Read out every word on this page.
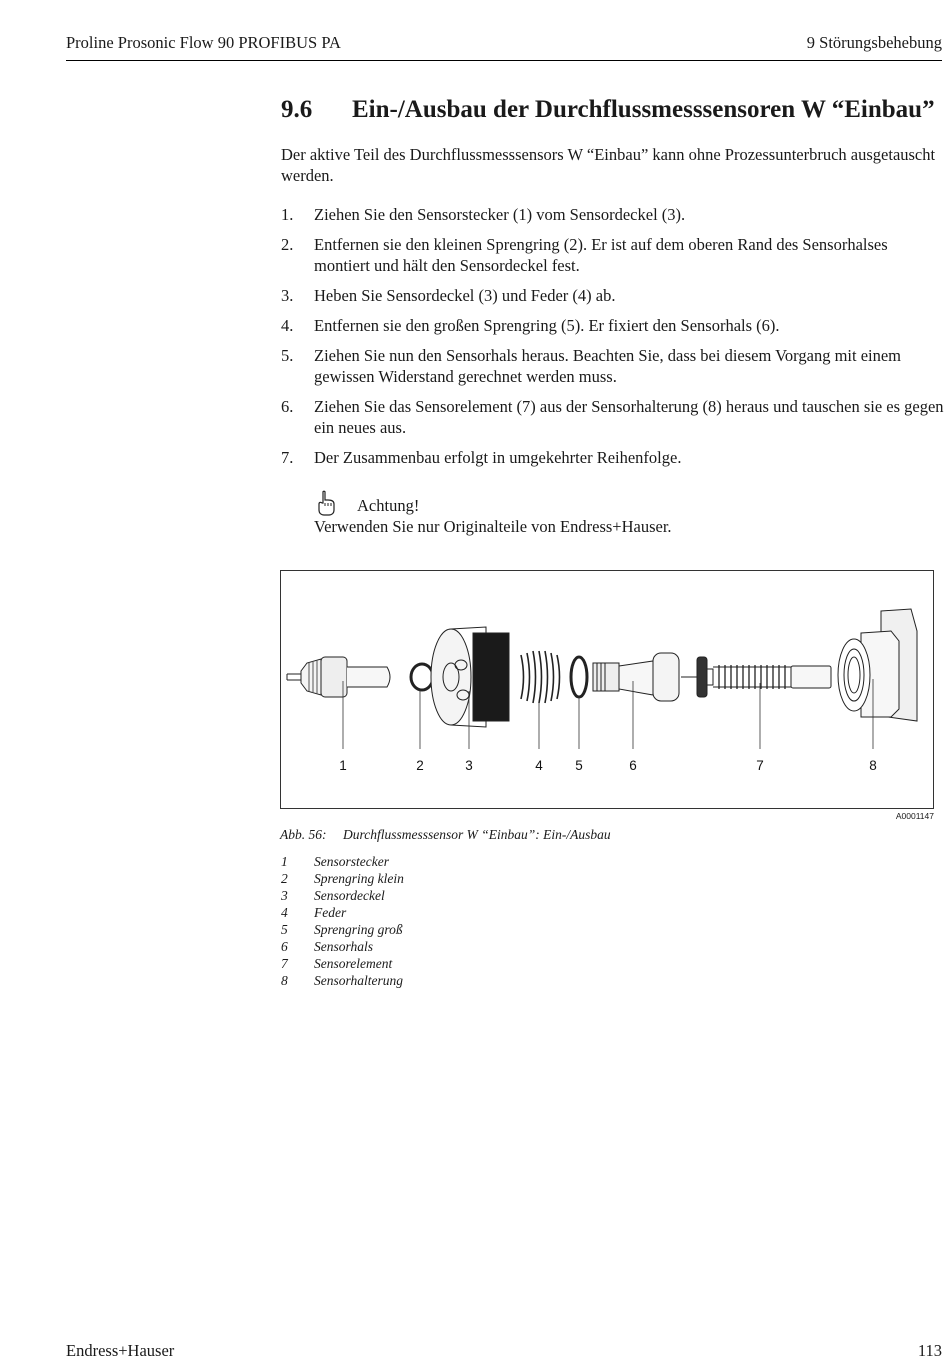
Proline Prosonic Flow 90 PROFIBUS PA	9 Störungsbehebung
9.6 Ein-/Ausbau der Durchflussmesssensoren W “Einbau”
Der aktive Teil des Durchflussmesssensors W “Einbau” kann ohne Prozessunterbruch ausgetauscht werden.
1. Ziehen Sie den Sensorstecker (1) vom Sensordeckel (3).
2. Entfernen sie den kleinen Sprengring (2). Er ist auf dem oberen Rand des Sensorhalses montiert und hält den Sensordeckel fest.
3. Heben Sie Sensordeckel (3) und Feder (4) ab.
4. Entfernen sie den großen Sprengring (5). Er fixiert den Sensorhals (6).
5. Ziehen Sie nun den Sensorhals heraus. Beachten Sie, dass bei diesem Vorgang mit einem gewissen Widerstand gerechnet werden muss.
6. Ziehen Sie das Sensorelement (7) aus der Sensorhalterung (8) heraus und tauschen sie es gegen ein neues aus.
7. Der Zusammenbau erfolgt in umgekehrter Reihenfolge.
Achtung!
Verwenden Sie nur Originalteile von Endress+Hauser.
1	2	3	4 5	6	7	8
A0001147
Abb. 56: Durchflussmesssensor W “Einbau”: Ein-/Ausbau
1	Sensorstecker
2	Sprengring klein
3	Sensordeckel
4	Feder
5	Sprengring groß
6	Sensorhals
7	Sensorelement
8	Sensorhalterung
Endress+Hauser	113
